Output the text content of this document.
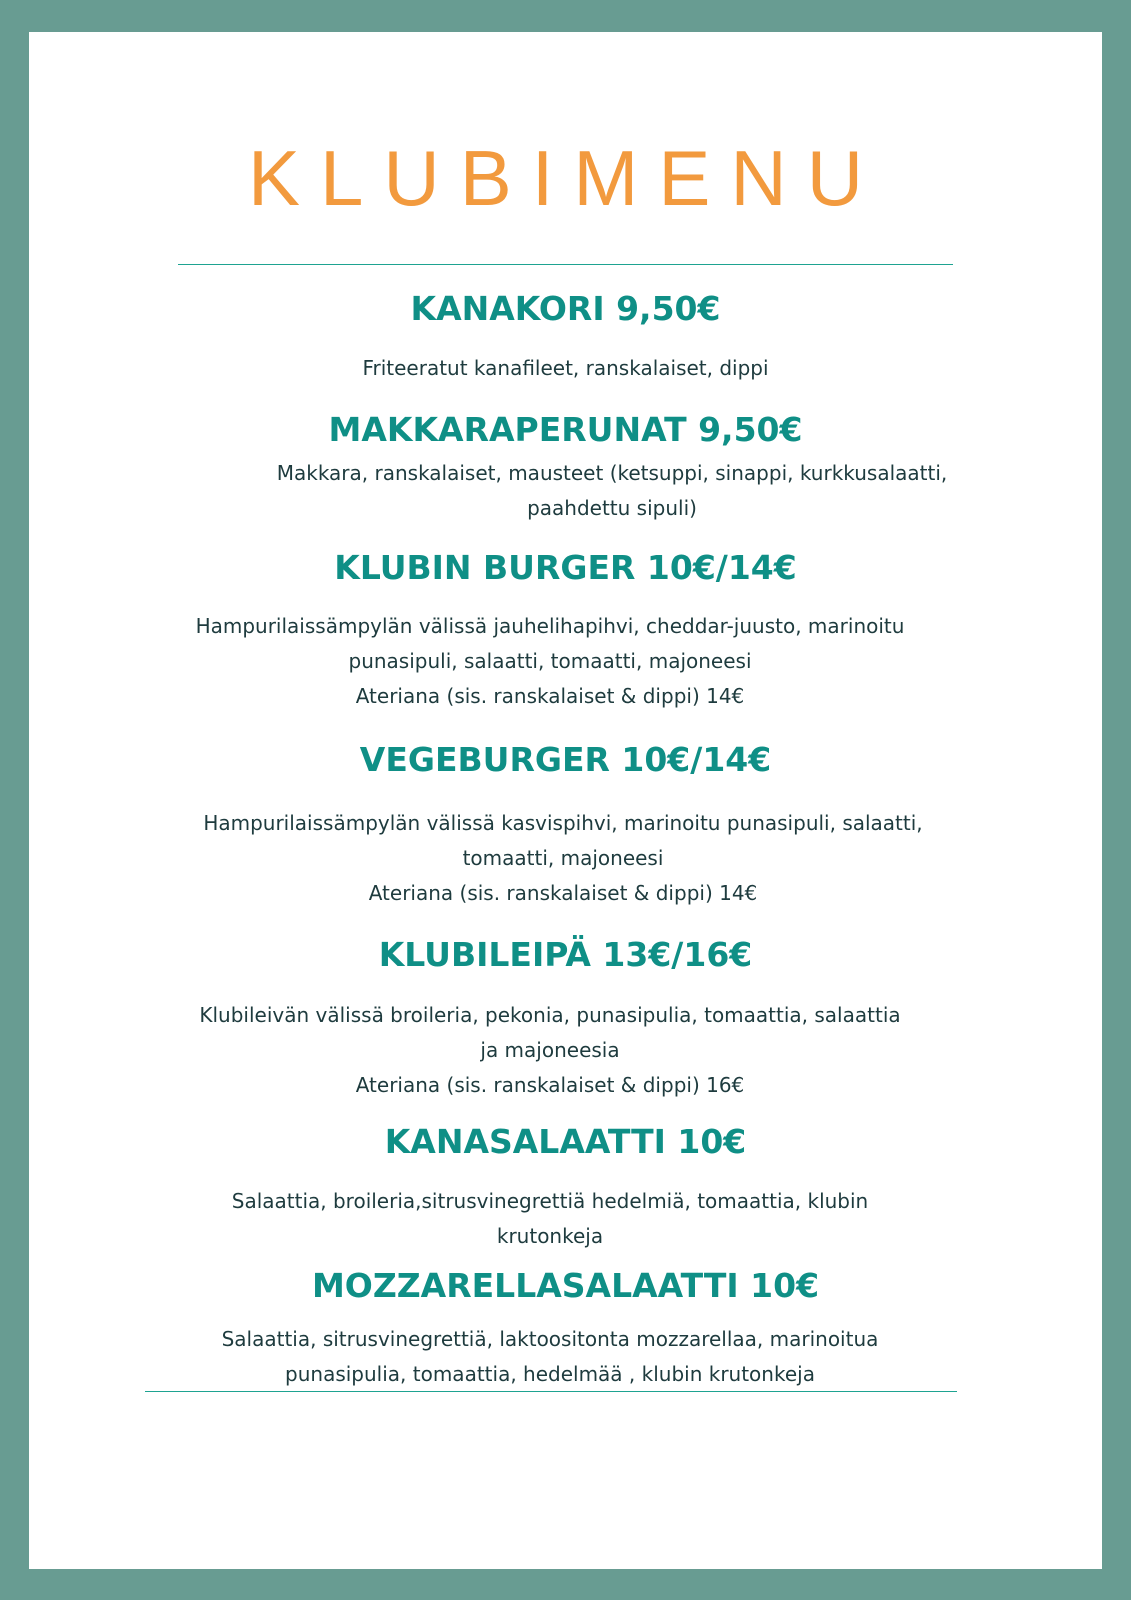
KLUBIMENU
KANAKORI 9,50€
Friteeratut kanafileet, ranskalaiset, dippi
MAKKARAPERUNAT 9,50€
Makkara, ranskalaiset, mausteet (ketsuppi, sinappi, kurkkusalaatti,
paahdettu sipuli)
KLUBIN BURGER 10€/14€
Hampurilaissämpylän välissä jauhelihapihvi, cheddar-juusto, marinoitu
punasipuli, salaatti, tomaatti, majoneesi
Ateriana (sis. ranskalaiset & dippi) 14€
VEGEBURGER 10€/14€
Hampurilaissämpylän välissä kasvispihvi, marinoitu punasipuli, salaatti,
tomaatti, majoneesi
Ateriana (sis. ranskalaiset & dippi) 14€
KLUBILEIPÄ 13€/16€
Klubileivän välissä broileria, pekonia, punasipulia, tomaattia, salaattia
ja majoneesia
Ateriana (sis. ranskalaiset & dippi) 16€
KANASALAATTI 10€
Salaattia, broileria,sitrusvinegrettiä hedelmiä, tomaattia, klubin
krutonkeja
MOZZARELLASALAATTI 10€
Salaattia, sitrusvinegrettiä, laktoositonta mozzarellaa, marinoitua
punasipulia, tomaattia, hedelmää , klubin krutonkeja
